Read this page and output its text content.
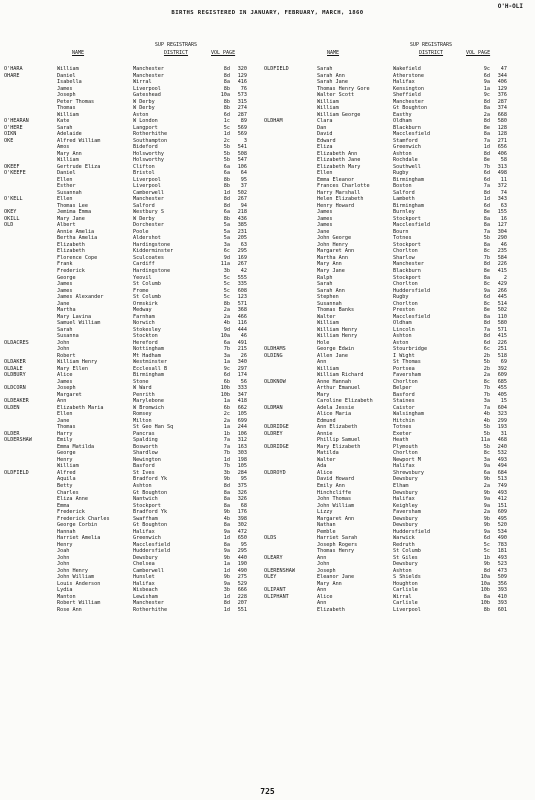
O'H-OLI
BIRTHS REGISTERED IN JANUARY, FEBRUARY, MARCH, 1860
NAME
SUP REGISTRARS
DISTRICT	VOL PAGE	NAME
SUP REGISTRARS
DISTRICT	VOL PAGE
O'HARA	William	Manchester	8d	320
OHARE	Daniel	Manchester	8d	129
Isabella	Wirral	8a	416
James	Liverpool	8b	76
Joseph	Gateshead	10a	573
Peter Thomas	W Derby	8b	315
Thomas	W Derby	8b	274
William	Aston	6d	287
O'HEARAN	Kate	W London	1c	89
O'HERE	Sarah	Langport	5c	569
OIKN	Adelaide	Rotherhithe	1d	569
OKE	Alfred William	Southampton	2c	3
Amos	Bideford	5b	541
Mary Ann	Holsworthy	5b	508
William	Holsworthy	5b	547
OKEEF	Gertrude Eliza	Clifton	6a	106
O'KEEFE	Daniel	Bristol	6a	64
Ellen	Liverpool	8b	95
Esther	Liverpool	8b	37
Susannah	Camberwell	1d	502
O'KELL	Ellen	Manchester	8d	267
Thomas Lee	Salford	8d	94
OKEY	Jemima Emma	Westbury S	6a	218
OKILL	Mary Jane	W Derby	8b	436
OLD	Albert	Dorchester	5a	385
Annie Amelia	Poole	5a	231
Bertha Amelia	Aldershot	5a	205
Elizabeth	Hardingstone	3a	63
Elizabeth	Kidderminster	6c	295
Florence Cope	Sculcoates	9d	169
Frank	Cardiff	11a	267
Frederick	Hardingstone	3b	42
George	Yeovil	5c	555
James	St Columb	5c	335
James	Frome	5c	608
James Alexander	St Columb	5c	123
Jane	Ormskirk	8b	571
Martha	Medway	2a	368
Mary Lavina	Farnham	2a	466
Samuel William	Norwich	4b	116
Sarah	Stokesley	9d	444
Susanna	Stockton	10a	46
OLDACRES	John	Hereford	6a	491
John	Nottingham	7b	215
Robert	Mt Hadham	3a	26
OLDAKER	William Henry	Westminster	1a	340
OLDALE	Mary Ellen	Ecclesall B	9c	297
OLDBURY	Alice	Birmingham	6d	174
James	Stone	6b	56
OLDCORN	Joseph	W Ward	10b	333
Margaret	Penrith	10b	347
OLDEAKER	Ann	Marylebone	1a	418
OLDEN	Elizabeth Maria	W Bromwich	6b	662
Ellen	Romsey	2c	105
Jane	Milton	2a	699
Thomas	St Geo Han Sq	1a	244
OLDER	Harry	Pancras	1b	106
OLDERSHAW	Emily	Spalding	7a	312
Emma Matilda	Bosworth	7a	163
George	Shardlow	7b	303
Henry	Newington	1d	198
William	Basford	7b	105
OLDFIELD	Alfred	St Ives	3b	284
Aquila	Bradford Yk	9b	95
Betty	Ashton	8d	375
Charles	Gt Boughton	8a	326
Eliza Anne	Nantwich	8a	326
Emma	Stockport	8a	68
Frederick	Bradford Yk	9b	176
Frederick Charles	Swaffham	4b	398
George Corbin	Gt Boughton	8a	302
Hannah	Halifax	9a	472
Harriet Amelia	Greenwich	1d	650
Henry	Macclesfield	8a	95
Joah	Huddersfield	9a	295
John	Dewsbury	9b	440
John	Chelsea	1a	190
John Henry	Camberwell	1d	490
John William	Hunslet	9b	275
Louis Anderson	Halifax	9a	529
Lydia	Wisbeach	3b	666
Manton	Lewisham	1d	228
Robert William	Manchester	8d	207
Rose Ann	Rotherhithe	1d	551
OLDFIELD	Sarah	Wakefield	9c	47
Sarah Ann	Atherstone	6d	344
Sarah Jane	Halifax	9a	406
Thomas Henry Gore	Kensington	1a	129
Walter Scott	Sheffield	9c	376
William	Manchester	8d	287
William	Gt Boughton	8a	374
William George	Easthy	2a	668
OLDHAM	Clara	Oldham	8d	580
Dan	Blackburn	8e	128
David	Macclesfield	8a	128
Edward	Stamford	7a	271
Eliza	Greenwich	1d	656
Elizabeth Ann	Ashton	8d	406
Elizabeth Jane	Rochdale	8e	58
Elizabeth Mary	Southwell	7b	313
Ellen	Rugby	6d	498
Emma Eleanor	Birmingham	6d	11
Frances Charlotte	Boston	7a	372
Harry Marshall	Salford	8d	74
Helen Elizabeth	Lambeth	1d	343
Henry Howard	Birmingham	6d	63
James	Burnley	8e	155
James	Stockport	8a	16
James	Macclesfield	8a	127
Jane	Bourn	7a	304
John George	Totnes	5b	290
John Henry	Stockport	8a	46
Margaret Ann	Chorlton	8c	235
Martha Ann	Sharlow	7b	584
Mary Ann	Manchester	8d	226
Mary Jane	Blackburn	8e	415
Ralph	Stockport	8a	2
Sarah	Chorlton	8c	429
Sarah Ann	Huddersfield	9a	266
Stephen	Rugby	6d	445
Susannah	Chorlton	8c	514
Thomas Banks	Preston	8e	502
Walter	Macclesfield	8a	110
William	Oldham	8d	580
William Henry	Lincoln	7a	571
William Henry	Ashton	8d	415
Hole	Aston	6d	226
OLDHAMS	George Edwin	Stourbridge	6c	251
OLDING	Allen Jane	I Wight	2b	518
Ann	St Thomas	5b	69
William	Portsea	2b	392
William Richard	Faversham	2a	609
OLDKNOW	Anne Hannah	Chorlton	8c	685
Arthur Emanuel	Belper	7b	455
Mary	Basford	7b	405
Caroline Elizabeth	Staines	3a	15
OLDMAN	Adela Jessie	Caistor	7a	604
Alice Maria	Walsingham	4b	323
Edmund	Hitchin	4b	299
OLDRIDGE	Ann Elizabeth	Totnes	5b	193
OLDREY	Annie	Exeter	5b	31
Phillip Samuel	Heath	11a	468
OLDRIDGE	Mary Elizabeth	Plymouth	5b	240
Matilda	Chorlton	8c	532
Walter	Newport M	3a	493
Ada	Halifax	9a	494
OLDROYD	Alice	Shrewsbury	6a	684
David Howard	Dewsbury	9b	513
Emily Ann	Elham	2a	749
Hinchcliffe	Dewsbury	9b	493
John Thomas	Halifax	9a	412
John William	Keighley	9a	151
Lizzy	Faversham	2a	609
Margaret Ann	Dewsbury	9b	495
Nathan	Dewsbury	9b	520
Pemble	Huddersfield	9a	534
OLDS	Harriet Sarah	Warwick	6d	490
Joseph Rogers	Redruth	5c	783
Thomas Henry	St Columb	5c	181
OLEARY	Ann	St Giles	1b	493
John	Dewsbury	9b	523
OLERENSHAW	Joseph	Ashton	8d	473
OLEY	Eleanor Jane	S Shields	10a	509
Mary Ann	Houghton	10a	356
OLIPANT	Ann	Carlisle	10b	393
OLIPHANT	Alice	Wirral	8a	410
Ann	Carlisle	10b	393
Elizabeth	Liverpool	8b	601
725
